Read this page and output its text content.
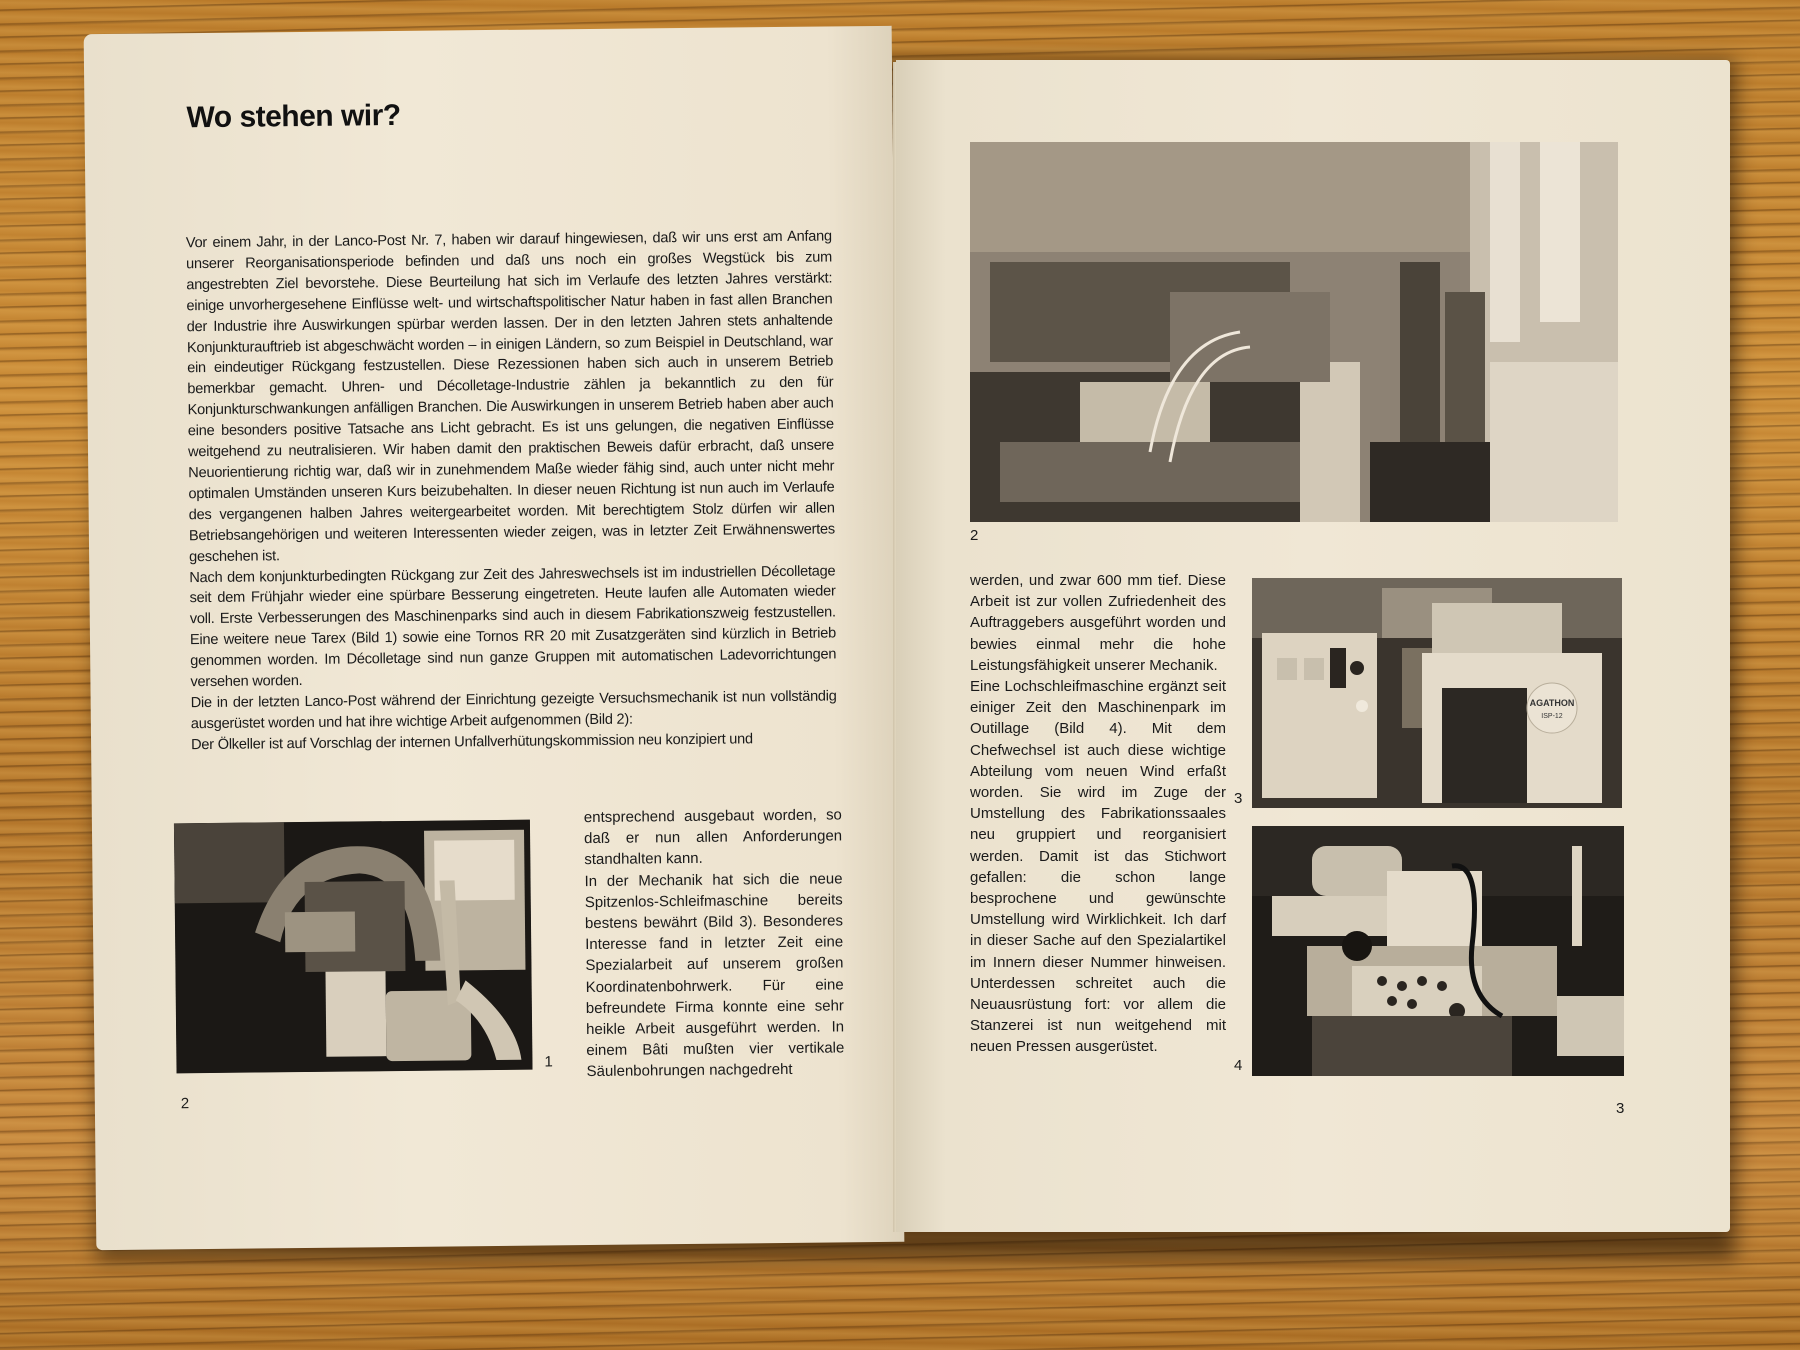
Wo stehen wir?

Vor einem Jahr, in der Lanco-Post Nr. 7, haben wir darauf hingewiesen, daß wir uns erst am Anfang unserer Reorganisationsperiode befinden und daß uns noch ein großes Wegstück bis zum angestrebten Ziel bevorstehe. Diese Beurteilung hat sich im Verlaufe des letzten Jahres verstärkt: einige unvorhergesehene Einflüsse welt- und wirtschaftspolitischer Natur haben in fast allen Branchen der Industrie ihre Auswirkungen spürbar werden lassen. Der in den letzten Jahren stets anhaltende Konjunkturauftrieb ist abgeschwächt worden – in einigen Ländern, so zum Beispiel in Deutschland, war ein eindeutiger Rückgang festzustellen. Diese Rezessionen haben sich auch in unserem Betrieb bemerkbar gemacht. Uhren- und Décolletage-Industrie zählen ja bekanntlich zu den für Konjunkturschwankungen anfälligen Branchen. Die Auswirkungen in unserem Betrieb haben aber auch eine besonders positive Tatsache ans Licht gebracht. Es ist uns gelungen, die negativen Einflüsse weitgehend zu neutralisieren. Wir haben damit den praktischen Beweis dafür erbracht, daß unsere Neuorientierung richtig war, daß wir in zunehmendem Maße wieder fähig sind, auch unter nicht mehr optimalen Umständen unseren Kurs beizubehalten. In dieser neuen Richtung ist nun auch im Verlaufe des vergangenen halben Jahres weitergearbeitet worden. Mit berechtigtem Stolz dürfen wir allen Betriebsangehörigen und weiteren Interessenten wieder zeigen, was in letzter Zeit Erwähnenswertes geschehen ist.

Nach dem konjunkturbedingten Rückgang zur Zeit des Jahreswechsels ist im industriellen Décolletage seit dem Frühjahr wieder eine spürbare Besserung eingetreten. Heute laufen alle Automaten wieder voll. Erste Verbesserungen des Maschinenparks sind auch in diesem Fabrikationszweig festzustellen. Eine weitere neue Tarex (Bild 1) sowie eine Tornos RR 20 mit Zusatzgeräten sind kürzlich in Betrieb genommen worden. Im Décolletage sind nun ganze Gruppen mit automatischen Ladevorrichtungen versehen worden.

Die in der letzten Lanco-Post während der Einrichtung gezeigte Versuchsmechanik ist nun vollständig ausgerüstet worden und hat ihre wichtige Arbeit aufgenommen (Bild 2):

Der Ölkeller ist auf Vorschlag der internen Unfallverhütungskommission neu konzipiert und

1

entsprechend ausgebaut worden, so daß er nun allen Anforderungen standhalten kann.

In der Mechanik hat sich die neue Spitzenlos-Schleifmaschine bereits bestens bewährt (Bild 3). Besonderes Interesse fand in letzter Zeit eine Spezialarbeit auf unserem großen Koordinatenbohrwerk. Für eine befreundete Firma konnte eine sehr heikle Arbeit ausgeführt werden. In einem Bâti mußten vier vertikale Säulenbohrungen nachgedreht

2
2

werden, und zwar 600 mm tief. Diese Arbeit ist zur vollen Zufriedenheit des Auftraggebers ausgeführt worden und bewies einmal mehr die hohe Leistungsfähigkeit unserer Mechanik.

Eine Lochschleifmaschine ergänzt seit einiger Zeit den Maschinenpark im Outillage (Bild 4). Mit dem Chefwechsel ist auch diese wichtige Abteilung vom neuen Wind erfaßt worden. Sie wird im Zuge der Umstellung des Fabrikationssaales neu gruppiert und reorganisiert werden. Damit ist das Stichwort gefallen: die schon lange besprochene und gewünschte Umstellung wird Wirklichkeit. Ich darf in dieser Sache auf den Spezialartikel im Innern dieser Nummer hinweisen. Unterdessen schreitet auch die Neuausrüstung fort: vor allem die Stanzerei ist nun weitgehend mit neuen Pressen ausgerüstet.

AGATHON
ISP-12
3
4
3
